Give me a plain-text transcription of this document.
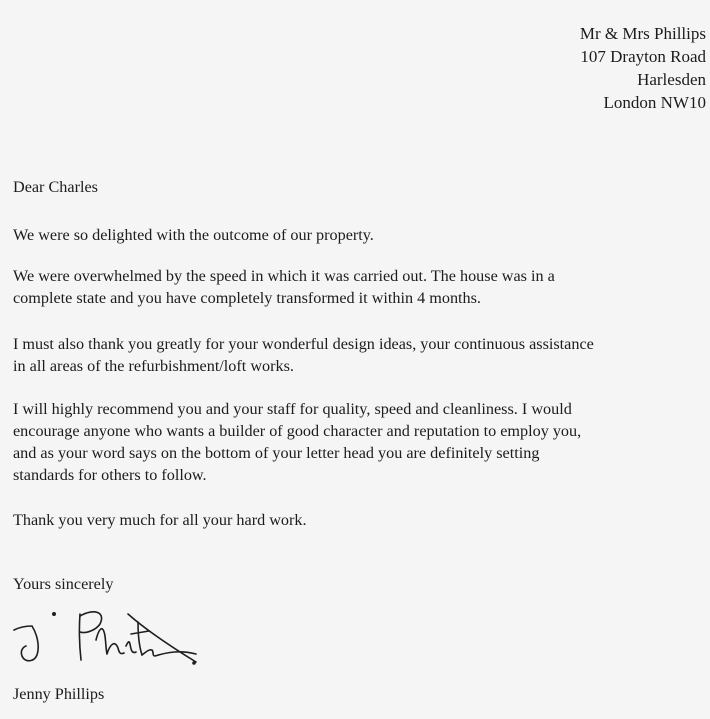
Mr & Mrs Phillips
107 Drayton Road
Harlesden
London NW10
Dear Charles
We were so delighted with the outcome of our property.
We were overwhelmed by the speed in which it was carried out. The house was in a
complete state and you have completely transformed it within 4 months.
I must also thank you greatly for your wonderful design ideas, your continuous assistance
in all areas of the refurbishment/loft works.
I will highly recommend you and your staff for quality, speed and cleanliness. I would
encourage anyone who wants a builder of good character and reputation to employ you,
and as your word says on the bottom of your letter head you are definitely setting
standards for others to follow.
Thank you very much for all your hard work.
Yours sincerely
Jenny Phillips
